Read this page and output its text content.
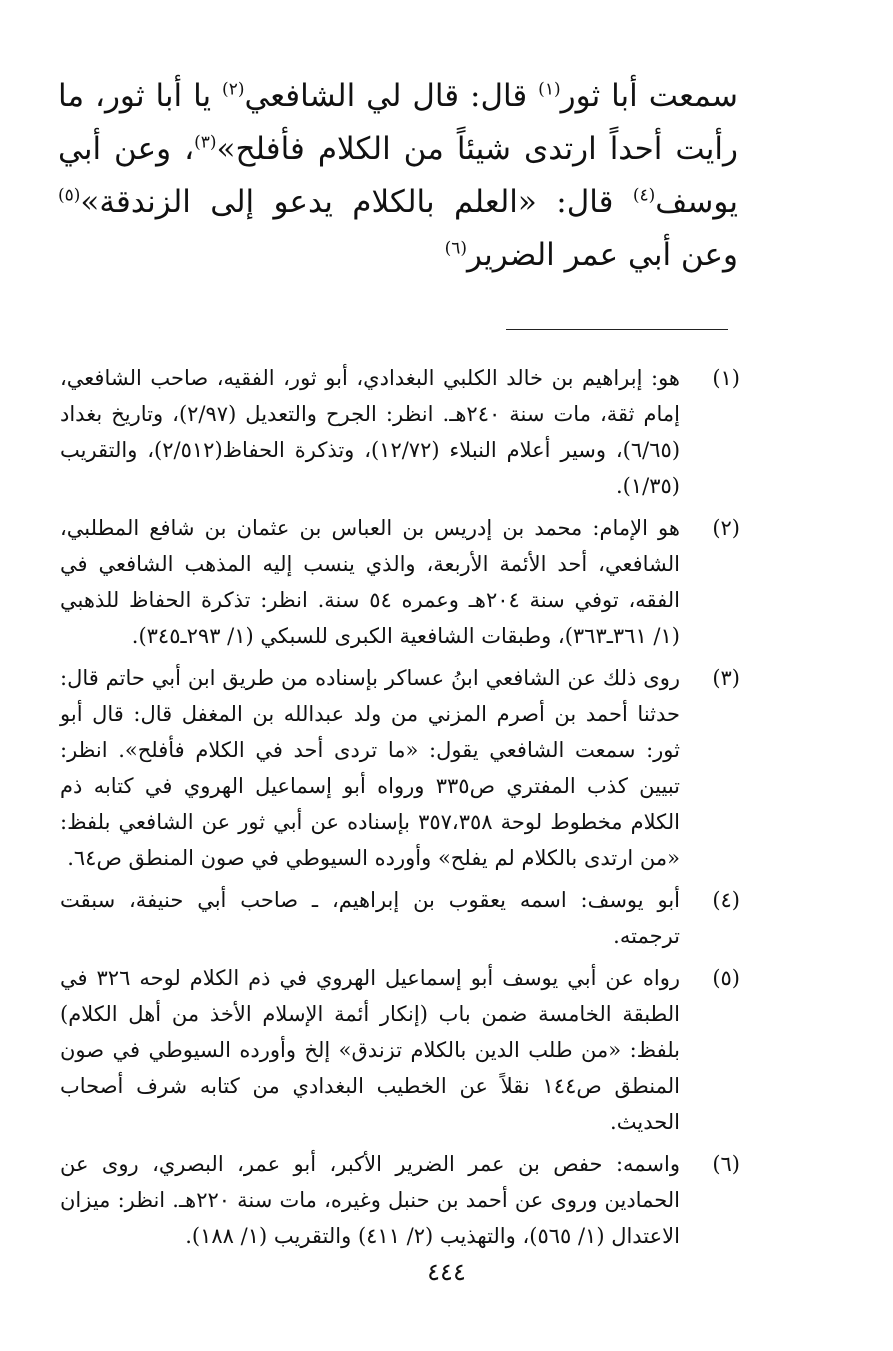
سمعت أبا ثور$^{(١)}$ قال: قال لي الشافعي$^{(٢)}$ يا أبا ثور، ما رأيت أحداً ارتدى شيئاً من الكلام فأفلح»$^{(٣)}$، وعن أبي يوسف$^{(٤)}$ قال: «العلم بالكلام يدعو إلى الزندقة»$^{(٥)}$ وعن أبي عمر الضرير$^{(٦)}$
(١)
هو: إبراهيم بن خالد الكلبي البغدادي، أبو ثور، الفقيه، صاحب الشافعي، إمام ثقة، مات سنة ٢٤٠هـ. انظر: الجرح والتعديل (٢/٩٧)، وتاريخ بغداد (٦/٦٥)، وسير أعلام النبلاء (١٢/٧٢)، وتذكرة الحفاظ(٢/٥١٢)، والتقريب (١/٣٥).
(٢)
هو الإمام: محمد بن إدريس بن العباس بن عثمان بن شافع المطلبي، الشافعي، أحد الأئمة الأربعة، والذي ينسب إليه المذهب الشافعي في الفقه، توفي سنة ٢٠٤هـ وعمره ٥٤ سنة. انظر: تذكرة الحفاظ للذهبي (١/ ٣٦١ـ٣٦٣)، وطبقات الشافعية الكبرى للسبكي (١/ ٢٩٣ـ٣٤٥).
(٣)
روى ذلك عن الشافعي ابنُ عساكر بإسناده من طريق ابن أبي حاتم قال: حدثنا أحمد بن أصرم المزني من ولد عبدالله بن المغفل قال: قال أبو ثور: سمعت الشافعي يقول: «ما تردى أحد في الكلام فأفلح». انظر: تبيين كذب المفتري ص٣٣٥ ورواه أبو إسماعيل الهروي في كتابه ذم الكلام مخطوط لوحة ٣٥٧،٣٥٨ بإسناده عن أبي ثور عن الشافعي بلفظ: «من ارتدى بالكلام لم يفلح» وأورده السيوطي في صون المنطق ص٦٤.
(٤)
أبو يوسف: اسمه يعقوب بن إبراهيم، ـ صاحب أبي حنيفة، سبقت ترجمته.
(٥)
رواه عن أبي يوسف أبو إسماعيل الهروي في ذم الكلام لوحه ٣٢٦ في الطبقة الخامسة ضمن باب (إنكار أئمة الإسلام الأخذ من أهل الكلام) بلفظ: «من طلب الدين بالكلام تزندق» إلخ وأورده السيوطي في صون المنطق ص١٤٤ نقلاً عن الخطيب البغدادي من كتابه شرف أصحاب الحديث.
(٦)
واسمه: حفص بن عمر الضرير الأكبر، أبو عمر، البصري، روى عن الحمادين وروى عن أحمد بن حنبل وغيره، مات سنة ٢٢٠هـ. انظر: ميزان الاعتدال (١/ ٥٦٥)، والتهذيب (٢/ ٤١١) والتقريب (١/ ١٨٨).
٤٤٤
